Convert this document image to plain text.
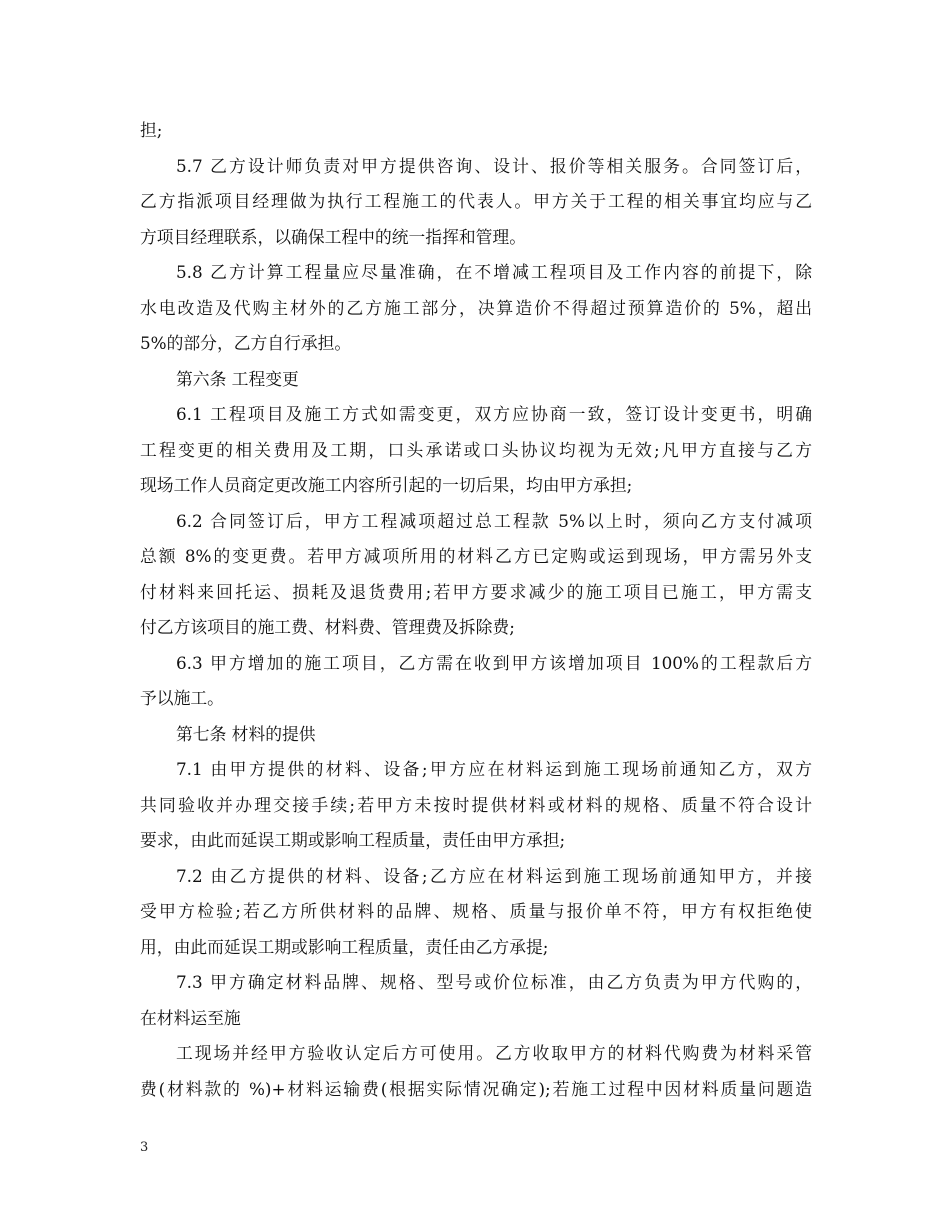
担;
5.7 乙方设计师负责对甲方提供咨询、设计、报价等相关服务。合同签订后，
乙方指派项目经理做为执行工程施工的代表人。甲方关于工程的相关事宜均应与乙
方项目经理联系，以确保工程中的统一指挥和管理。
5.8 乙方计算工程量应尽量准确，在不增减工程项目及工作内容的前提下，除
水电改造及代购主材外的乙方施工部分，决算造价不得超过预算造价的 5%，超出
5%的部分，乙方自行承担。
第六条 工程变更
6.1 工程项目及施工方式如需变更，双方应协商一致，签订设计变更书，明确
工程变更的相关费用及工期，口头承诺或口头协议均视为无效;凡甲方直接与乙方
现场工作人员商定更改施工内容所引起的一切后果，均由甲方承担;
6.2 合同签订后，甲方工程减项超过总工程款 5%以上时，须向乙方支付减项
总额 8%的变更费。若甲方减项所用的材料乙方已定购或运到现场，甲方需另外支
付材料来回托运、损耗及退货费用;若甲方要求减少的施工项目已施工，甲方需支
付乙方该项目的施工费、材料费、管理费及拆除费;
6.3 甲方增加的施工项目，乙方需在收到甲方该增加项目 100%的工程款后方
予以施工。
第七条 材料的提供
7.1 由甲方提供的材料、设备;甲方应在材料运到施工现场前通知乙方，双方
共同验收并办理交接手续;若甲方未按时提供材料或材料的规格、质量不符合设计
要求，由此而延误工期或影响工程质量，责任由甲方承担;
7.2 由乙方提供的材料、设备;乙方应在材料运到施工现场前通知甲方，并接
受甲方检验;若乙方所供材料的品牌、规格、质量与报价单不符，甲方有权拒绝使
用，由此而延误工期或影响工程质量，责任由乙方承提;
7.3 甲方确定材料品牌、规格、型号或价位标准，由乙方负责为甲方代购的，
在材料运至施
工现场并经甲方验收认定后方可使用。乙方收取甲方的材料代购费为材料采管
费(材料款的 %)+材料运输费(根据实际情况确定);若施工过程中因材料质量问题造
3
